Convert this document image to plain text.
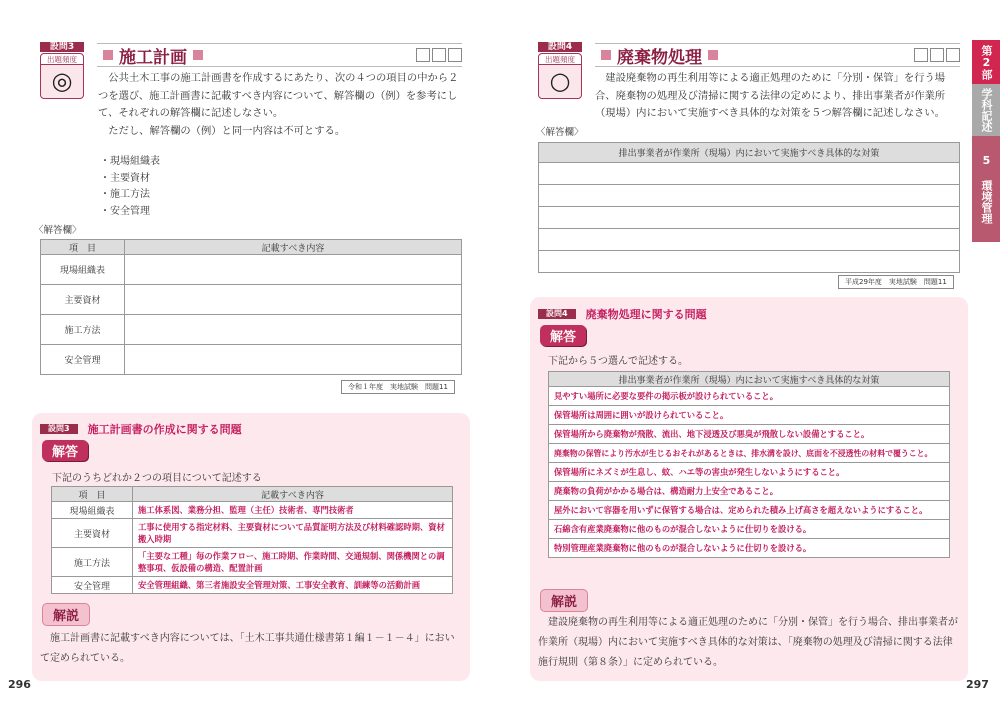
設問3
出題頻度
◎
施工計画

公共土木工事の施工計画書を作成するにあたり、次の４つの項目の中から２つを選び、施工計画書に記載すべき内容について、解答欄の（例）を参考にして、それぞれの解答欄に記述しなさい。

ただし、解答欄の（例）と同一内容は不可とする。

・現場組織表
・主要資材
・施工方法
・安全管理
〈解答欄〉
項　目	記載すべき内容
現場組織表	
主要資材	
施工方法	
安全管理	
令和１年度　実地試験　問題11
設問3	施工計画書の作成に関する問題
解答
下記のうちどれか２つの項目について記述する
項　目	記載すべき内容
現場組織表	施工体系図、業務分担、監理（主任）技術者、専門技術者
主要資材	工事に使用する指定材料、主要資材について品質証明方法及び材料確認時期、資材搬入時期
施工方法	「主要な工種」毎の作業フロー、施工時期、作業時間、交通規制、関係機関との調整事項、仮設備の構造、配置計画
安全管理	安全管理組織、第三者施設安全管理対策、工事安全教育、訓練等の活動計画
解説
施工計画書に記載すべき内容については、「土木工事共通仕様書第１編１－１－４」において定められている。
296
設問4
出題頻度
○
廃棄物処理

建設廃棄物の再生利用等による適正処理のために「分別・保管」を行う場合、廃棄物の処理及び清掃に関する法律の定めにより、排出事業者が作業所（現場）内において実施すべき具体的な対策を５つ解答欄に記述しなさい。

〈解答欄〉
排出事業者が作業所（現場）内において実施すべき具体的な対策

平成29年度　実地試験　問題11
設問4	廃棄物処理に関する問題
解答
下記から５つ選んで記述する。
排出事業者が作業所（現場）内において実施すべき具体的な対策
見やすい場所に必要な要件の掲示板が設けられていること。
保管場所は周囲に囲いが設けられていること。
保管場所から廃棄物が飛散、流出、地下浸透及び悪臭が飛散しない設備とすること。
廃棄物の保管により汚水が生じるおそれがあるときは、排水溝を設け、底面を不浸透性の材料で覆うこと。
保管場所にネズミが生息し、蚊、ハエ等の害虫が発生しないようにすること。
廃棄物の負荷がかかる場合は、構造耐力上安全であること。
屋外において容器を用いずに保管する場合は、定められた積み上げ高さを超えないようにすること。
石綿含有産業廃棄物に他のものが混合しないように仕切りを設ける。
特別管理産業廃棄物に他のものが混合しないように仕切りを設ける。
解説
建設廃棄物の再生利用等による適正処理のために「分別・保管」を行う場合、排出事業者が作業所（現場）内において実施すべき具体的な対策は、「廃棄物の処理及び清掃に関する法律施行規則（第８条）」に定められている。
297
第2部
学科記述
5 環境管理
